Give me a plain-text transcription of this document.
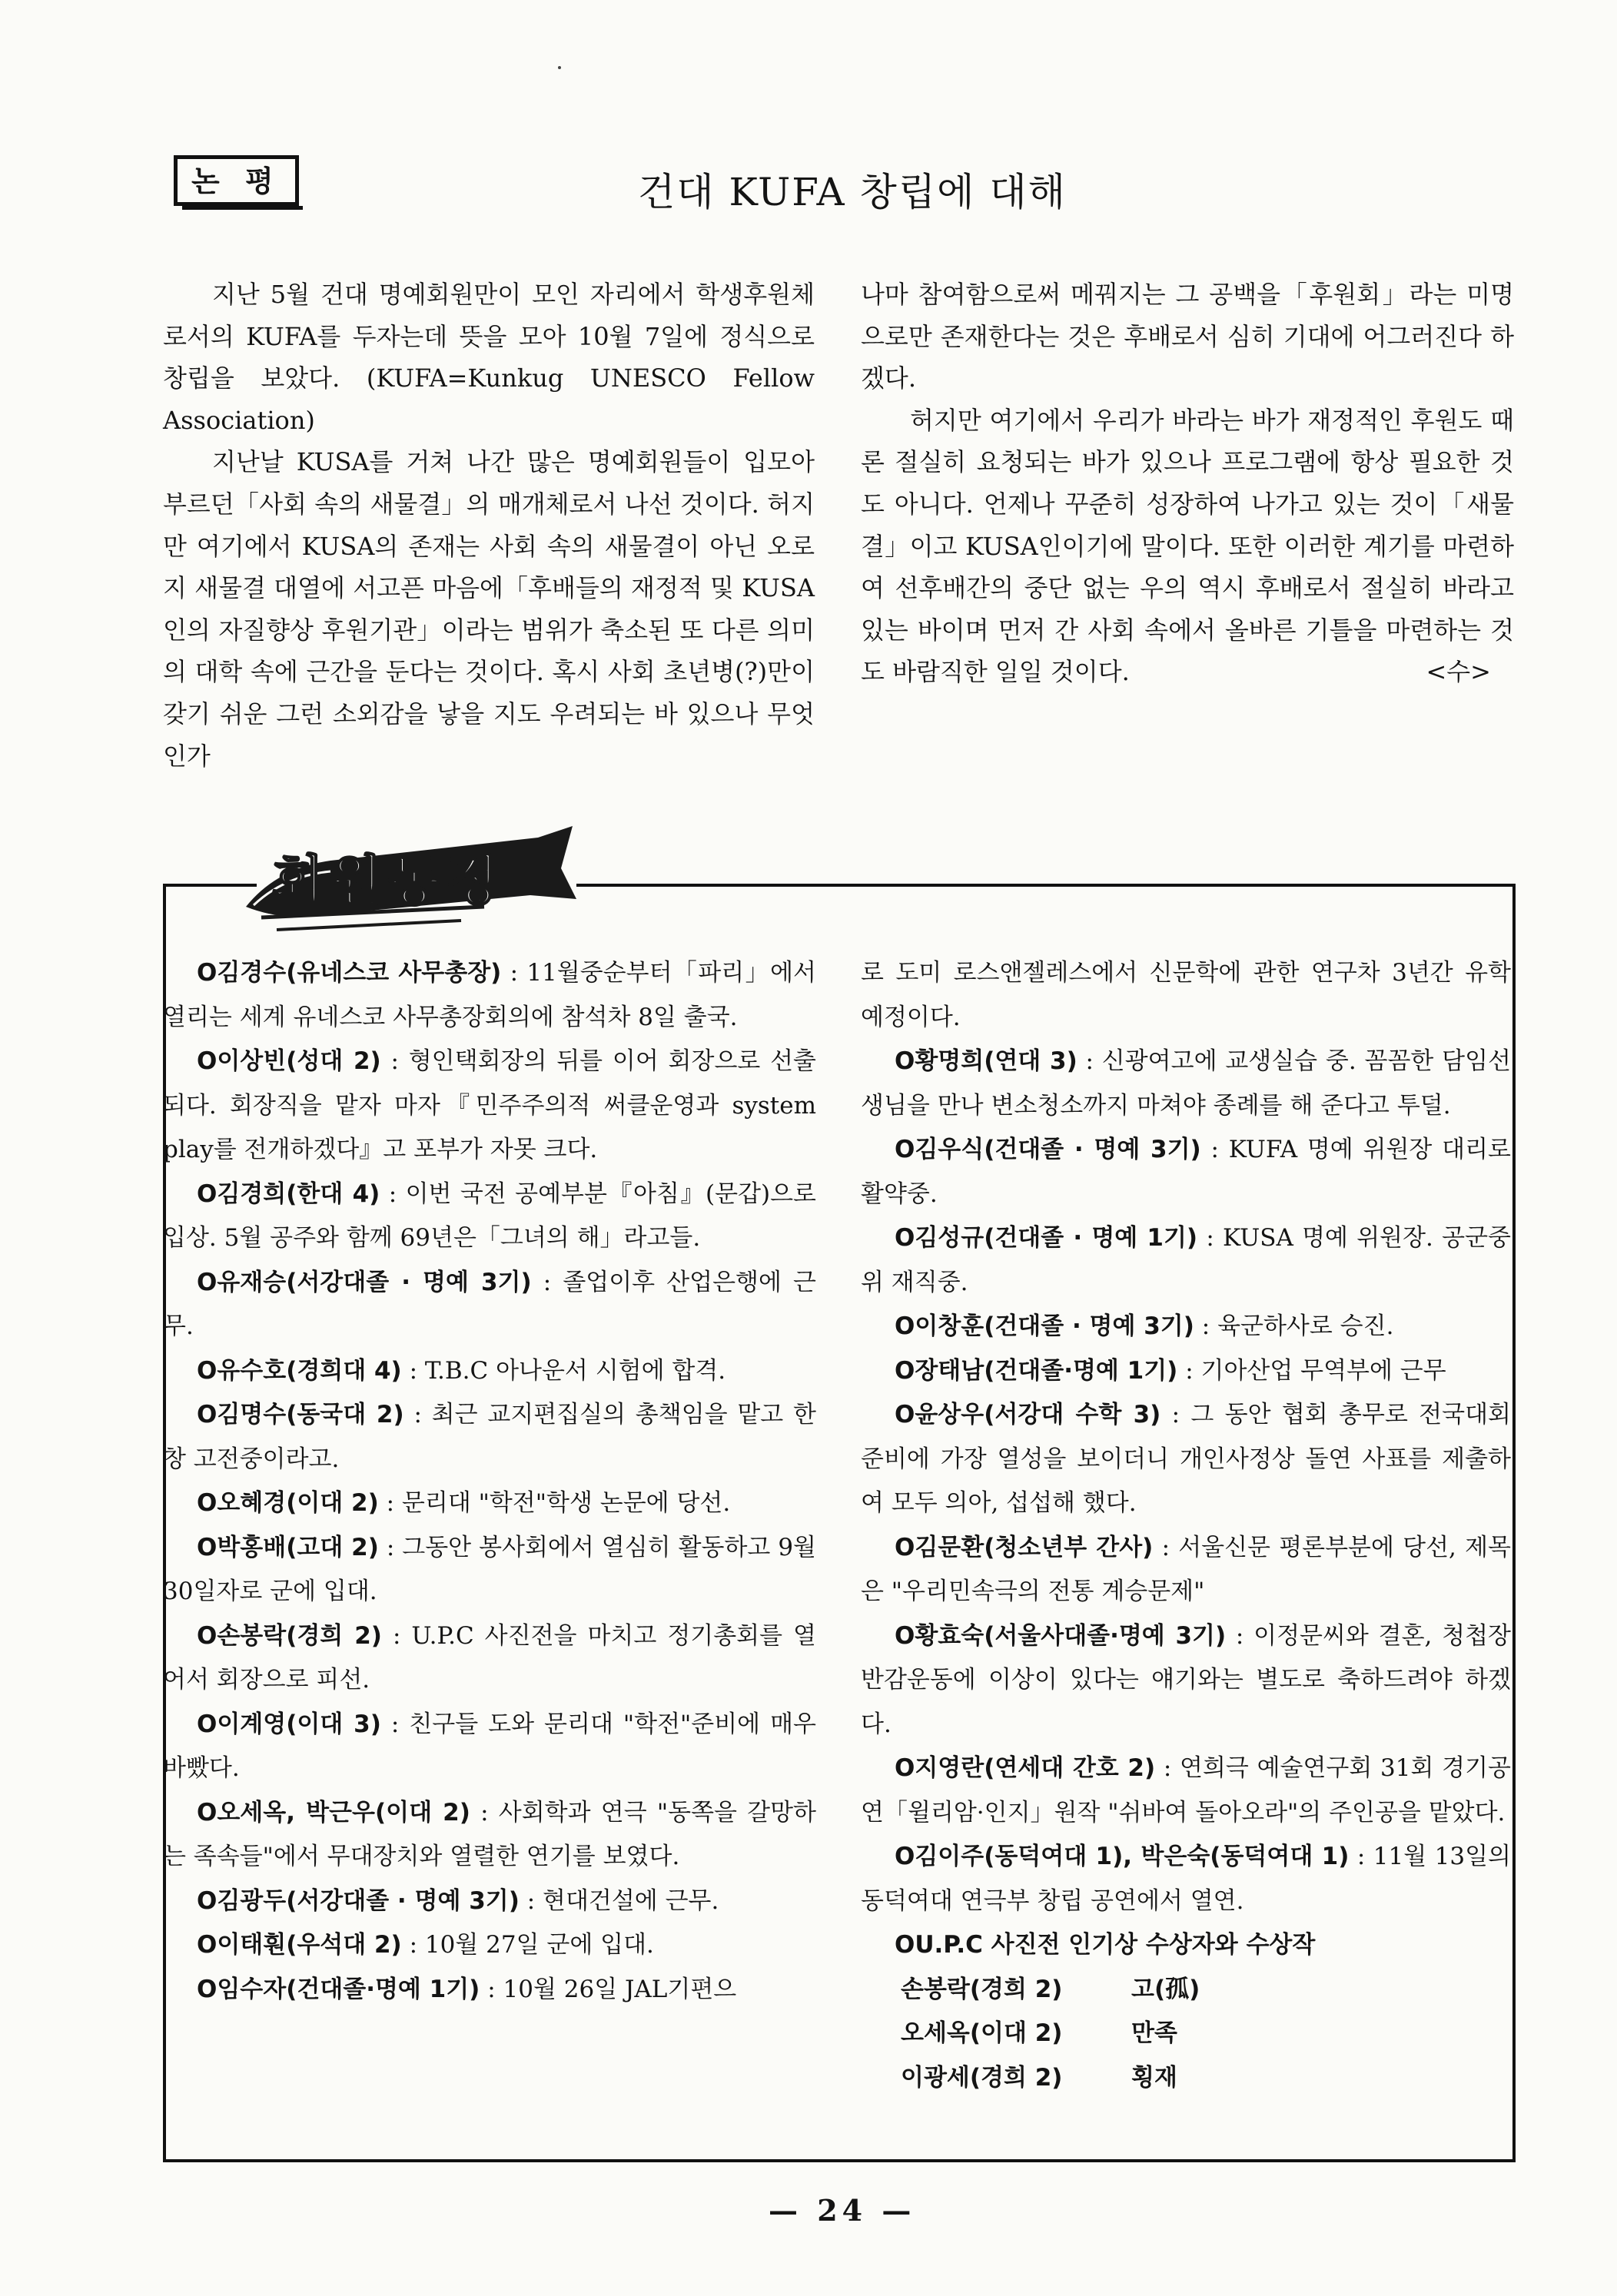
논 평	건대 KUFA 창립에 대해

지난 5월 건대 명예회원만이 모인 자리에서 학생후원체로서의 KUFA를 두자는데 뜻을 모아 10월 7일에 정식으로 창립을 보았다. (KUFA=Kunkug UNESCO Fellow Association)

지난날 KUSA를 거쳐 나간 많은 명예회원들이 입모아 부르던「사회 속의 새물결」의 매개체로서 나선 것이다. 허지만 여기에서 KUSA의 존재는 사회 속의 새물결이 아닌 오로지 새물결 대열에 서고픈 마음에「후배들의 재정적 및 KUSA인의 자질향상 후원기관」이라는 범위가 축소된 또 다른 의미의 대학 속에 근간을 둔다는 것이다. 혹시 사회 초년병(?)만이 갖기 쉬운 그런 소외감을 낳을 지도 우려되는 바 있으나 무엇인가

나마 참여함으로써 메꿔지는 그 공백을「후원회」라는 미명으로만 존재한다는 것은 후배로서 심히 기대에 어그러진다 하겠다.

허지만 여기에서 우리가 바라는 바가 재정적인 후원도 때론 절실히 요청되는 바가 있으나 프로그램에 항상 필요한 것도 아니다. 언제나 꾸준히 성장하여 나가고 있는 것이「새물결」이고 KUSA인이기에 말이다. 또한 이러한 계기를 마련하여 선후배간의 중단 없는 우의 역시 후배로서 절실히 바라고 있는 바이며 먼저 간 사회 속에서 올바른 기틀을 마련하는 것도 바람직한 일일 것이다.	<수>
회원동정

O김경수(유네스코 사무총장) : 11월중순부터「파리」에서 열리는 세계 유네스코 사무총장회의에 참석차 8일 출국.

O이상빈(성대 2) : 형인택회장의 뒤를 이어 회장으로 선출되다. 회장직을 맡자 마자『민주주의적 써클운영과 system play를 전개하겠다』고 포부가 자못 크다.

O김경희(한대 4) : 이번 국전 공예부분『아침』(문갑)으로 입상. 5월 공주와 함께 69년은「그녀의 해」라고들.

O유재승(서강대졸 · 명예 3기) : 졸업이후 산업은행에 근무.

O유수호(경희대 4) : T.B.C 아나운서 시험에 합격.

O김명수(동국대 2) : 최근 교지편집실의 총책임을 맡고 한창 고전중이라고.

O오혜경(이대 2) : 문리대 "학전"학생 논문에 당선.

O박홍배(고대 2) : 그동안 봉사회에서 열심히 활동하고 9월 30일자로 군에 입대.

O손봉락(경희 2) : U.P.C 사진전을 마치고 정기총회를 열어서 회장으로 피선.

O이계영(이대 3) : 친구들 도와 문리대 "학전"준비에 매우 바빴다.

O오세옥, 박근우(이대 2) : 사회학과 연극 "동쪽을 갈망하는 족속들"에서 무대장치와 열렬한 연기를 보였다.

O김광두(서강대졸 · 명예 3기) : 현대건설에 근무.

O이태훤(우석대 2) : 10월 27일 군에 입대.

O임수자(건대졸·명예 1기) : 10월 26일 JAL기편으

로 도미 로스앤젤레스에서 신문학에 관한 연구차 3년간 유학 예정이다.

O황명희(연대 3) : 신광여고에 교생실습 중. 꼼꼼한 담임선생님을 만나 변소청소까지 마쳐야 종례를 해 준다고 투덜.

O김우식(건대졸 · 명예 3기) : KUFA 명예 위원장 대리로 활약중.

O김성규(건대졸 · 명예 1기) : KUSA 명예 위원장. 공군중위 재직중.

O이창훈(건대졸 · 명예 3기) : 육군하사로 승진.

O장태남(건대졸·명예 1기) : 기아산업 무역부에 근무

O윤상우(서강대 수학 3) : 그 동안 협회 총무로 전국대회 준비에 가장 열성을 보이더니 개인사정상 돌연 사표를 제출하여 모두 의아, 섭섭해 했다.

O김문환(청소년부 간사) : 서울신문 평론부분에 당선, 제목은 "우리민속극의 전통 계승문제"

O황효숙(서울사대졸·명예 3기) : 이정문씨와 결혼, 청첩장 반감운동에 이상이 있다는 얘기와는 별도로 축하드려야 하겠다.

O지영란(연세대 간호 2) : 연희극 예술연구회 31회 경기공연「윌리암·인지」원작 "쉬바여 돌아오라"의 주인공을 맡았다.

O김이주(동덕여대 1), 박은숙(동덕여대 1) : 11월 13일의 동덕여대 연극부 창립 공연에서 열연.

OU.P.C 사진전 인기상 수상자와 수상작

손봉락(경희 2)	고(孤)
오세옥(이대 2)	만족
이광세(경희 2)	횡재
— 24 —
